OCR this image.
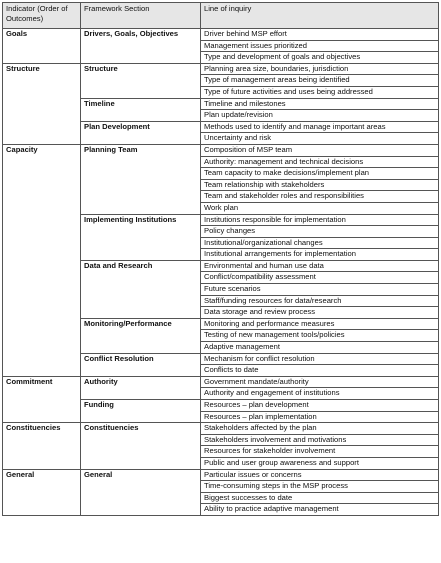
Indicator (Order of Outcomes)	Framework Section	Line of inquiry
Goals	Drivers, Goals, Objectives	Driver behind MSP effort
		Management issues prioritized
		Type and development of goals and objectives
Structure	Structure	Planning area size, boundaries, jurisdiction
		Type of management areas being identified
		Type of future activities and uses being addressed
	Timeline	Timeline and milestones
		Plan update/revision
	Plan Development	Methods used to identify and manage important areas
		Uncertainty and risk
Capacity	Planning Team	Composition of MSP team
		Authority: management and technical decisions
		Team capacity to make decisions/implement plan
		Team relationship with stakeholders
		Team and stakeholder roles and responsibilities
		Work plan
	Implementing Institutions	Institutions responsible for implementation
		Policy changes
		Institutional/organizational changes
		Institutional arrangements for implementation
	Data and Research	Environmental and human use data
		Conflict/compatibility assessment
		Future scenarios
		Staff/funding resources for data/research
		Data storage and review process
	Monitoring/Performance	Monitoring and performance measures
		Testing of new management tools/policies
		Adaptive management
	Conflict Resolution	Mechanism for conflict resolution
		Conflicts to date
Commitment	Authority	Government mandate/authority
		Authority and engagement of institutions
	Funding	Resources – plan development
		Resources – plan implementation
Constituencies	Constituencies	Stakeholders affected by the plan
		Stakeholders involvement and motivations
		Resources for stakeholder involvement
		Public and user group awareness and support
General	General	Particular issues or concerns
		Time-consuming steps in the MSP process
		Biggest successes to date
		Ability to practice adaptive management
